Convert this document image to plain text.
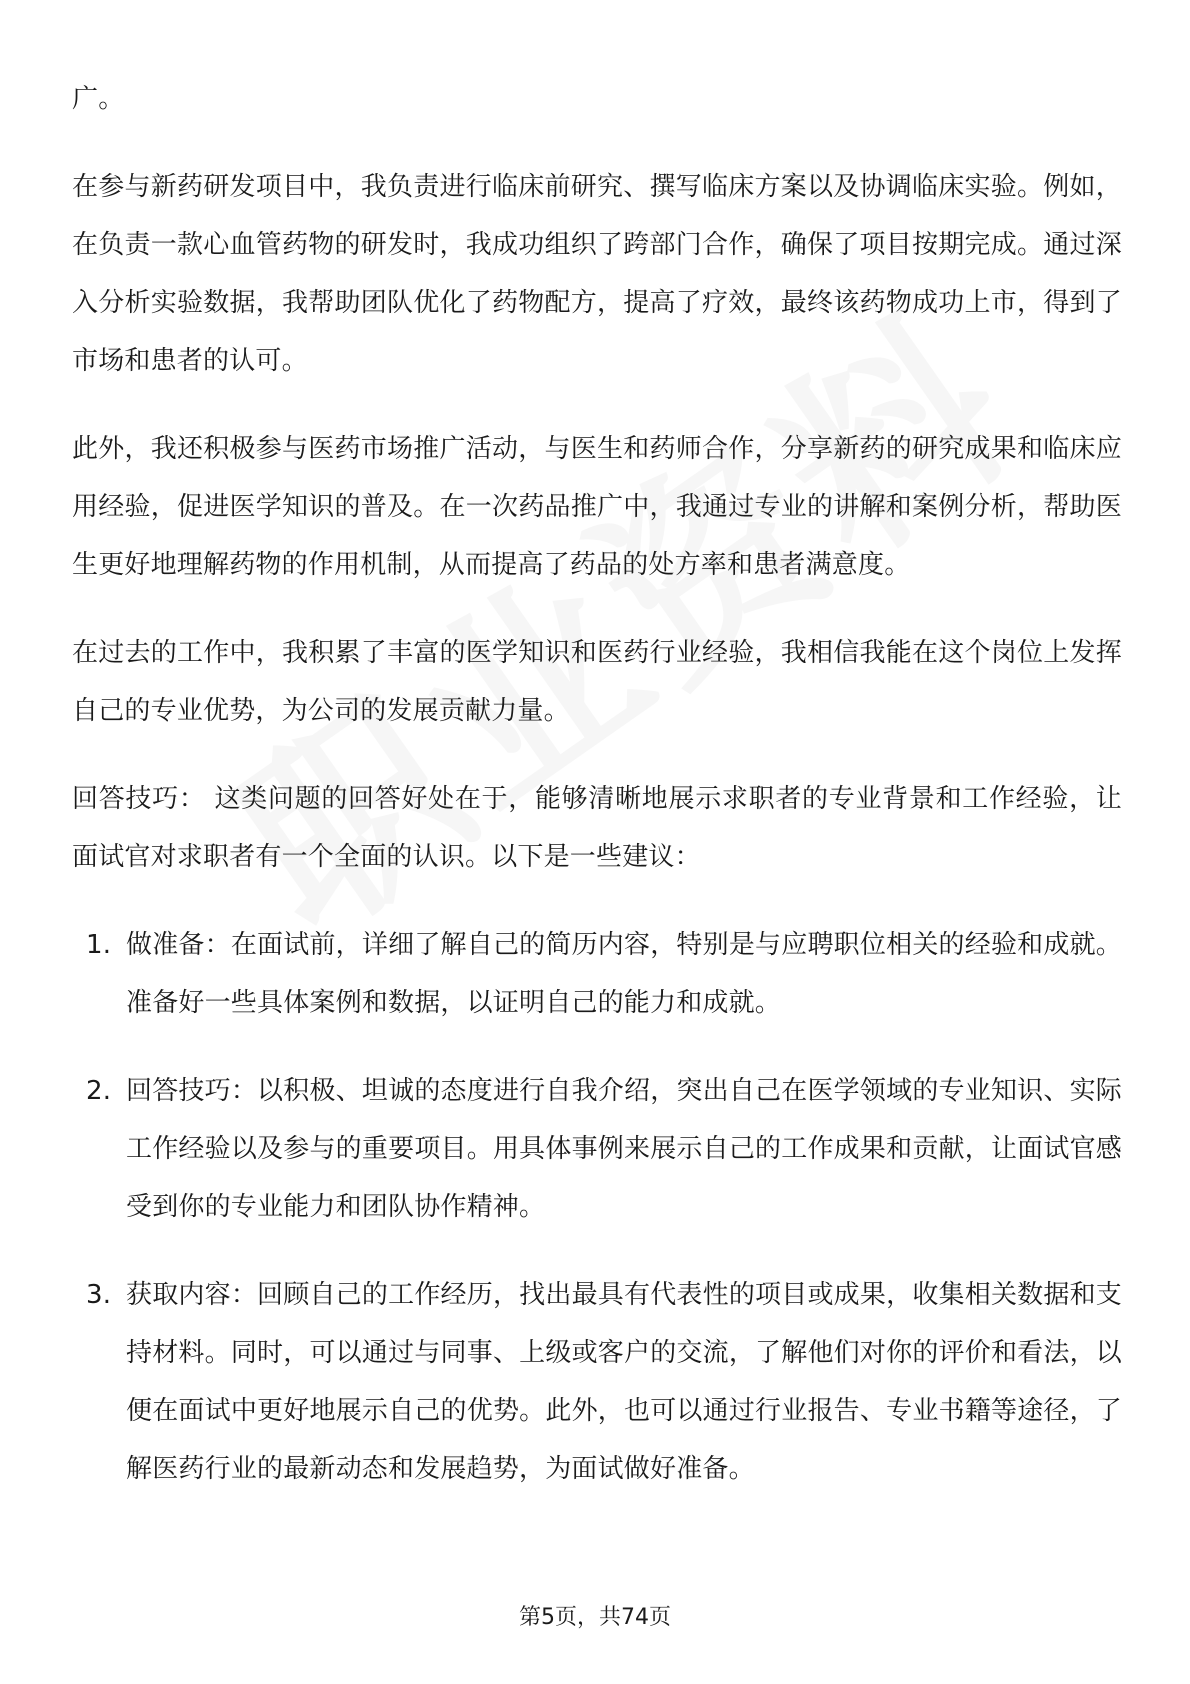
广。

在参与新药研发项目中，我负责进行临床前研究、撰写临床方案以及协调临床实验。例如，在负责一款心血管药物的研发时，我成功组织了跨部门合作，确保了项目按期完成。通过深入分析实验数据，我帮助团队优化了药物配方，提高了疗效，最终该药物成功上市，得到了市场和患者的认可。

此外，我还积极参与医药市场推广活动，与医生和药师合作，分享新药的研究成果和临床应用经验，促进医学知识的普及。在一次药品推广中，我通过专业的讲解和案例分析，帮助医生更好地理解药物的作用机制，从而提高了药品的处方率和患者满意度。

在过去的工作中，我积累了丰富的医学知识和医药行业经验，我相信我能在这个岗位上发挥自己的专业优势，为公司的发展贡献力量。

回答技巧： 这类问题的回答好处在于，能够清晰地展示求职者的专业背景和工作经验，让面试官对求职者有一个全面的认识。以下是一些建议：

1. 做准备：在面试前，详细了解自己的简历内容，特别是与应聘职位相关的经验和成就。准备好一些具体案例和数据，以证明自己的能力和成就。
2. 回答技巧：以积极、坦诚的态度进行自我介绍，突出自己在医学领域的专业知识、实际工作经验以及参与的重要项目。用具体事例来展示自己的工作成果和贡献，让面试官感受到你的专业能力和团队协作精神。
3. 获取内容：回顾自己的工作经历，找出最具有代表性的项目或成果，收集相关数据和支持材料。同时，可以通过与同事、上级或客户的交流，了解他们对你的评价和看法，以便在面试中更好地展示自己的优势。此外，也可以通过行业报告、专业书籍等途径，了解医药行业的最新动态和发展趋势，为面试做好准备。
第5页，共74页
